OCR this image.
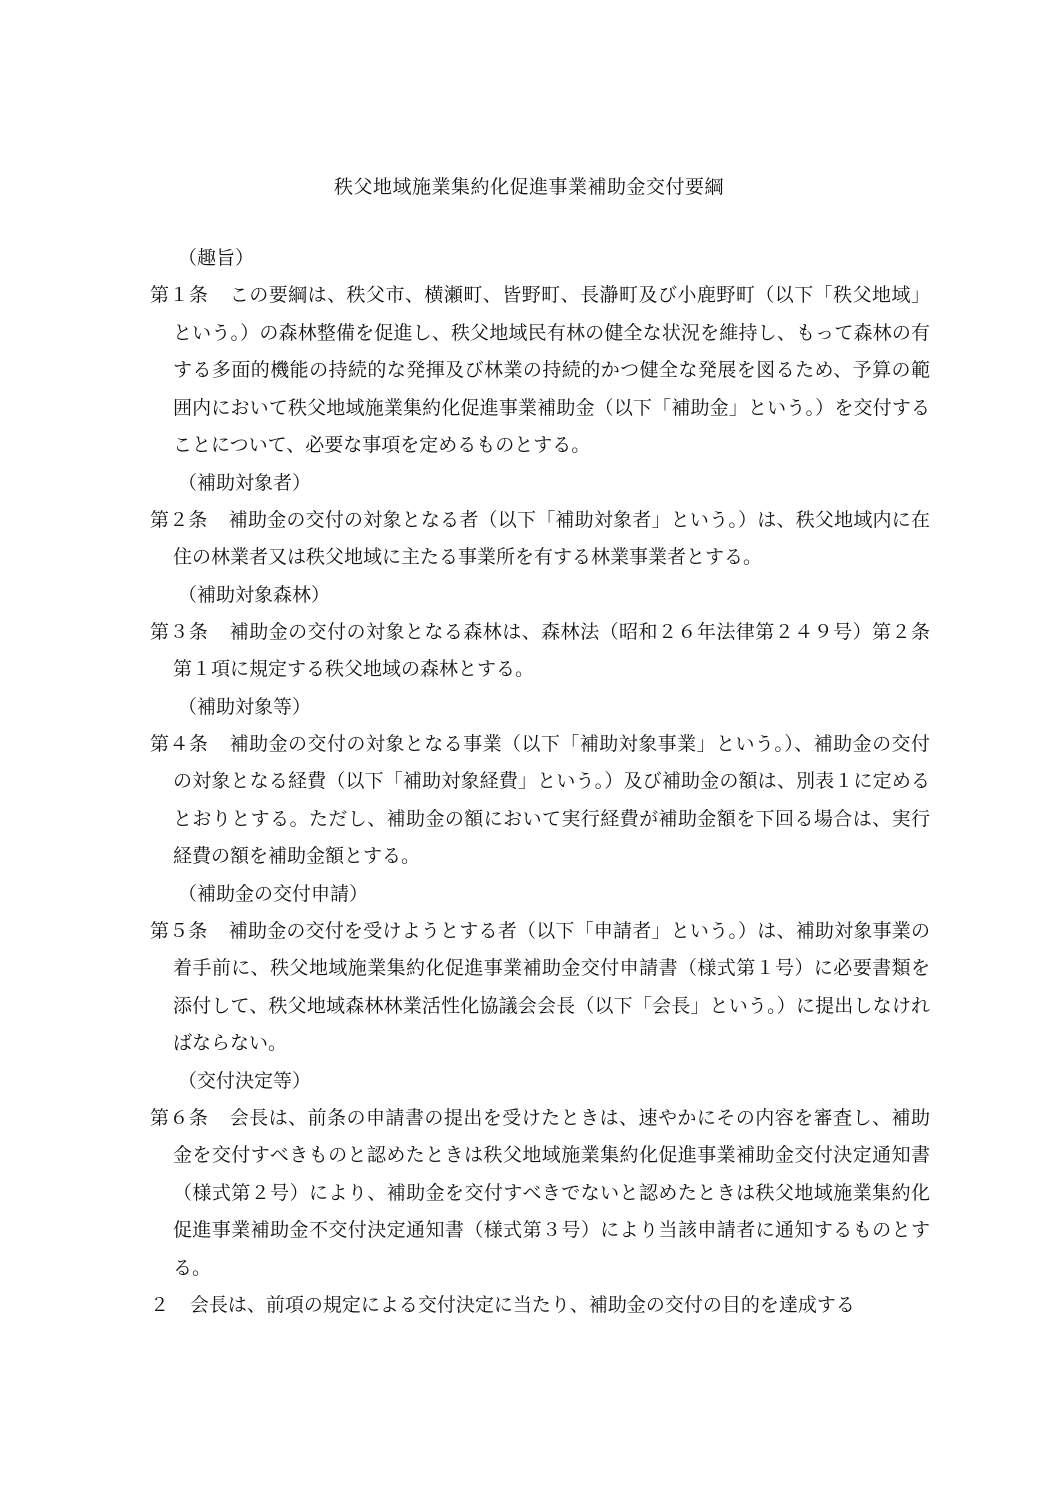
秩父地域施業集約化促進事業補助金交付要綱

（趣旨）

第１条 この要綱は、秩父市、横瀬町、皆野町、長瀞町及び小鹿野町（以下「秩父地域」という。）の森林整備を促進し、秩父地域民有林の健全な状況を維持し、もって森林の有する多面的機能の持続的な発揮及び林業の持続的かつ健全な発展を図るため、予算の範囲内において秩父地域施業集約化促進事業補助金（以下「補助金」という。）を交付することについて、必要な事項を定めるものとする。

（補助対象者）

第２条 補助金の交付の対象となる者（以下「補助対象者」という。）は、秩父地域内に在住の林業者又は秩父地域に主たる事業所を有する林業事業者とする。

（補助対象森林）

第３条 補助金の交付の対象となる森林は、森林法（昭和２６年法律第２４９号）第２条第１項に規定する秩父地域の森林とする。

（補助対象等）

第４条 補助金の交付の対象となる事業（以下「補助対象事業」という。）、補助金の交付の対象となる経費（以下「補助対象経費」という。）及び補助金の額は、別表１に定めるとおりとする。ただし、補助金の額において実行経費が補助金額を下回る場合は、実行経費の額を補助金額とする。

（補助金の交付申請）

第５条 補助金の交付を受けようとする者（以下「申請者」という。）は、補助対象事業の着手前に、秩父地域施業集約化促進事業補助金交付申請書（様式第１号）に必要書類を添付して、秩父地域森林林業活性化協議会会長（以下「会長」という。）に提出しなければならない。

（交付決定等）

第６条 会長は、前条の申請書の提出を受けたときは、速やかにその内容を審査し、補助金を交付すべきものと認めたときは秩父地域施業集約化促進事業補助金交付決定通知書（様式第２号）により、補助金を交付すべきでないと認めたときは秩父地域施業集約化促進事業補助金不交付決定通知書（様式第３号）により当該申請者に通知するものとする。

２ 会長は、前項の規定による交付決定に当たり、補助金の交付の目的を達成する
